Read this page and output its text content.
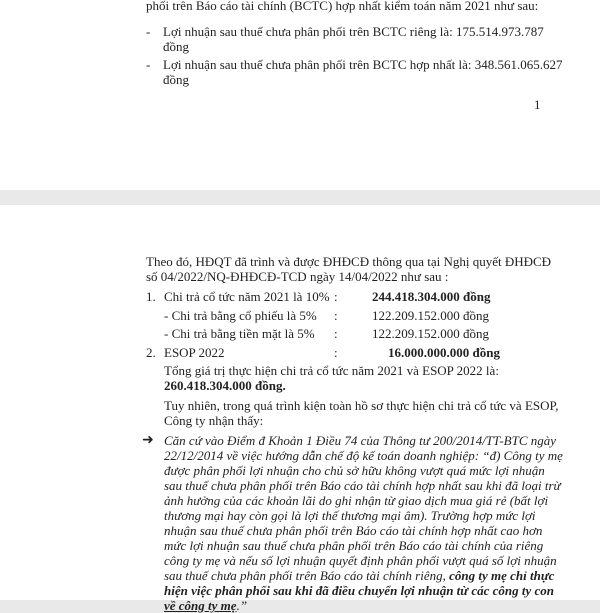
phối trên Báo cáo tài chính (BCTC) hợp nhất kiểm toán năm 2021 như sau:
- Lợi nhuận sau thuế chưa phân phối trên BCTC riêng là: 175.514.973.787
đồng
- Lợi nhuận sau thuế chưa phân phối trên BCTC hợp nhất là: 348.561.065.627
đồng
1
Theo đó, HĐQT đã trình và được ĐHĐCĐ thông qua tại Nghị quyết ĐHĐCĐ
số 04/2022/NQ-ĐHĐCĐ-TCD ngày 14/04/2022 như sau :
1. Chi trả cổ tức năm 2021 là 10% :	244.418.304.000 đồng
- Chi trả bằng cổ phiếu là 5% :	122.209.152.000 đồng
- Chi trả bằng tiền mặt là 5% :	122.209.152.000 đồng
2. ESOP 2022	:	16.000.000.000 đồng
Tổng giá trị thực hiện chi trả cổ tức năm 2021 và ESOP 2022 là:
260.418.304.000 đồng.
Tuy nhiên, trong quá trình kiện toàn hồ sơ thực hiện chi trả cổ tức và ESOP,
Công ty nhận thấy:
➜ Căn cứ vào Điểm đ Khoản 1 Điều 74 của Thông tư 200/2014/TT-BTC ngày
22/12/2014 về việc hướng dẫn chế độ kế toán doanh nghiệp: “đ) Công ty mẹ
được phân phối lợi nhuận cho chủ sở hữu không vượt quá mức lợi nhuận
sau thuế chưa phân phối trên Báo cáo tài chính hợp nhất sau khi đã loại trừ
ảnh hưởng của các khoản lãi do ghi nhận từ giao dịch mua giá rẻ (bất lợi
thương mại hay còn gọi là lợi thế thương mại âm). Trường hợp mức lợi
nhuận sau thuế chưa phân phối trên Báo cáo tài chính hợp nhất cao hơn
mức lợi nhuận sau thuế chưa phân phối trên Báo cáo tài chính của riêng
công ty mẹ và nếu số lợi nhuận quyết định phân phối vượt quá số lợi nhuận
sau thuế chưa phân phối trên Báo cáo tài chính riêng, công ty mẹ chỉ thực
hiện việc phân phối sau khi đã điều chuyển lợi nhuận từ các công ty con
về công ty mẹ.”
